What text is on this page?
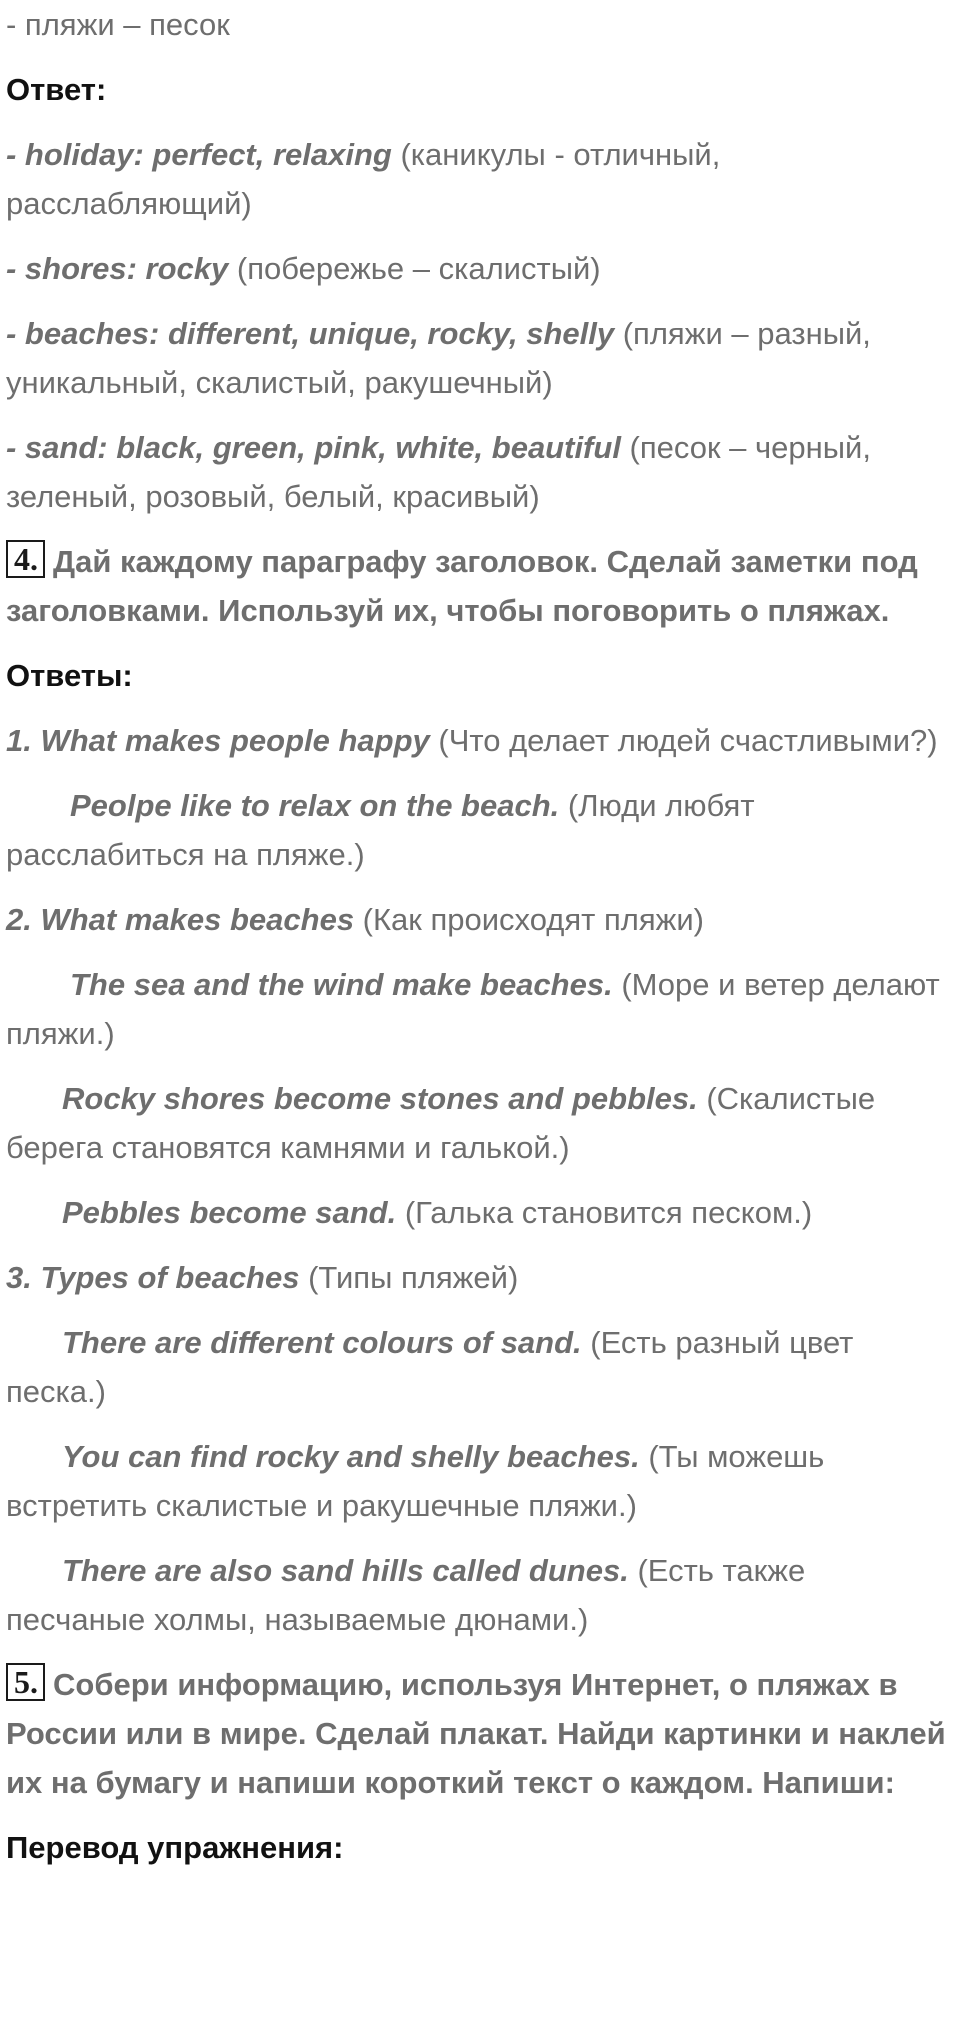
- пляжи – песок

Ответ:

- holiday: perfect, relaxing (каникулы - отличный, расслабляющий)

- shores: rocky (побережье – скалистый)

- beaches: different, unique, rocky, shelly (пляжи – разный, уникальный, скалистый, ракушечный)

- sand: black, green, pink, white, beautiful (песок – черный, зеленый, розовый, белый, красивый)

4. Дай каждому параграфу заголовок. Сделай заметки под заголовками. Используй их, чтобы поговорить о пляжах.

Ответы:

1. What makes people happy (Что делает людей счастливыми?)

Peolpe like to relax on the beach. (Люди любят расслабиться на пляже.)

2. What makes beaches (Как происходят пляжи)

The sea and the wind make beaches. (Море и ветер делают пляжи.)

Rocky shores become stones and pebbles. (Скалистые берега становятся камнями и галькой.)

Pebbles become sand. (Галька становится песком.)

3. Types of beaches (Типы пляжей)

There are different colours of sand. (Есть разный цвет песка.)

You can find rocky and shelly beaches. (Ты можешь встретить скалистые и ракушечные пляжи.)

There are also sand hills called dunes. (Есть также песчаные холмы, называемые дюнами.)

5. Собери информацию, используя Интернет, о пляжах в России или в мире. Сделай плакат. Найди картинки и наклей их на бумагу и напиши короткий текст о каждом. Напиши:

Перевод упражнения:
